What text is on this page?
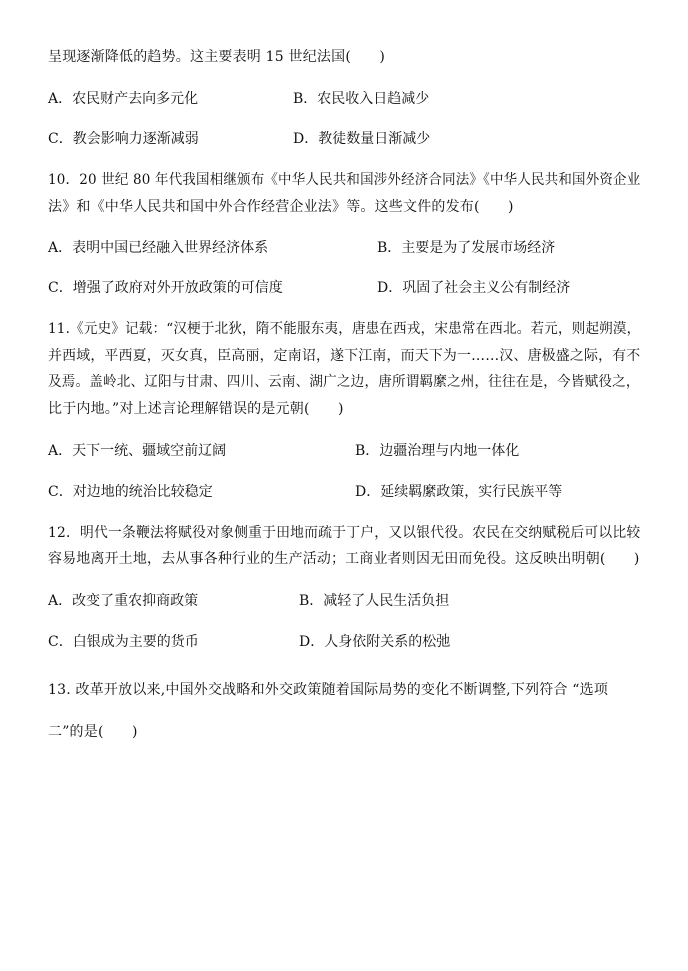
呈现逐渐降低的趋势。这主要表明 15 世纪法国(　　)
A．农民财产去向多元化	B．农民收入日趋减少
C．教会影响力逐渐减弱	D．教徒数量日渐减少
10．20 世纪 80 年代我国相继颁布《中华人民共和国涉外经济合同法》《中华人民共和国外资企业
法》和《中华人民共和国中外合作经营企业法》等。这些文件的发布(　　)
A．表明中国已经融入世界经济体系	B．主要是为了发展市场经济
C．增强了政府对外开放政策的可信度	D．巩固了社会主义公有制经济
11.《元史》记载：“汉梗于北狄，隋不能服东夷，唐患在西戎，宋患常在西北。若元，则起朔漠，
并西域，平西夏，灭女真，臣高丽，定南诏，遂下江南，而天下为一……汉、唐极盛之际，有不
及焉。盖岭北、辽阳与甘肃、四川、云南、湖广之边，唐所谓羁縻之州，往往在是，今皆赋役之，
比于内地。”对上述言论理解错误的是元朝(　　)
A．天下一统、疆域空前辽阔	B．边疆治理与内地一体化
C．对边地的统治比较稳定	D．延续羁縻政策，实行民族平等
12．明代一条鞭法将赋役对象侧重于田地而疏于丁户，又以银代役。农民在交纳赋税后可以比较
容易地离开土地，去从事各种行业的生产活动；工商业者则因无田而免役。这反映出明朝(　　)
A．改变了重农抑商政策	B．减轻了人民生活负担
C．白银成为主要的货币	D．人身依附关系的松弛
13. 改革开放以来,中国外交战略和外交政策随着国际局势的变化不断调整,下列符合 “选项
二”的是(　　)
